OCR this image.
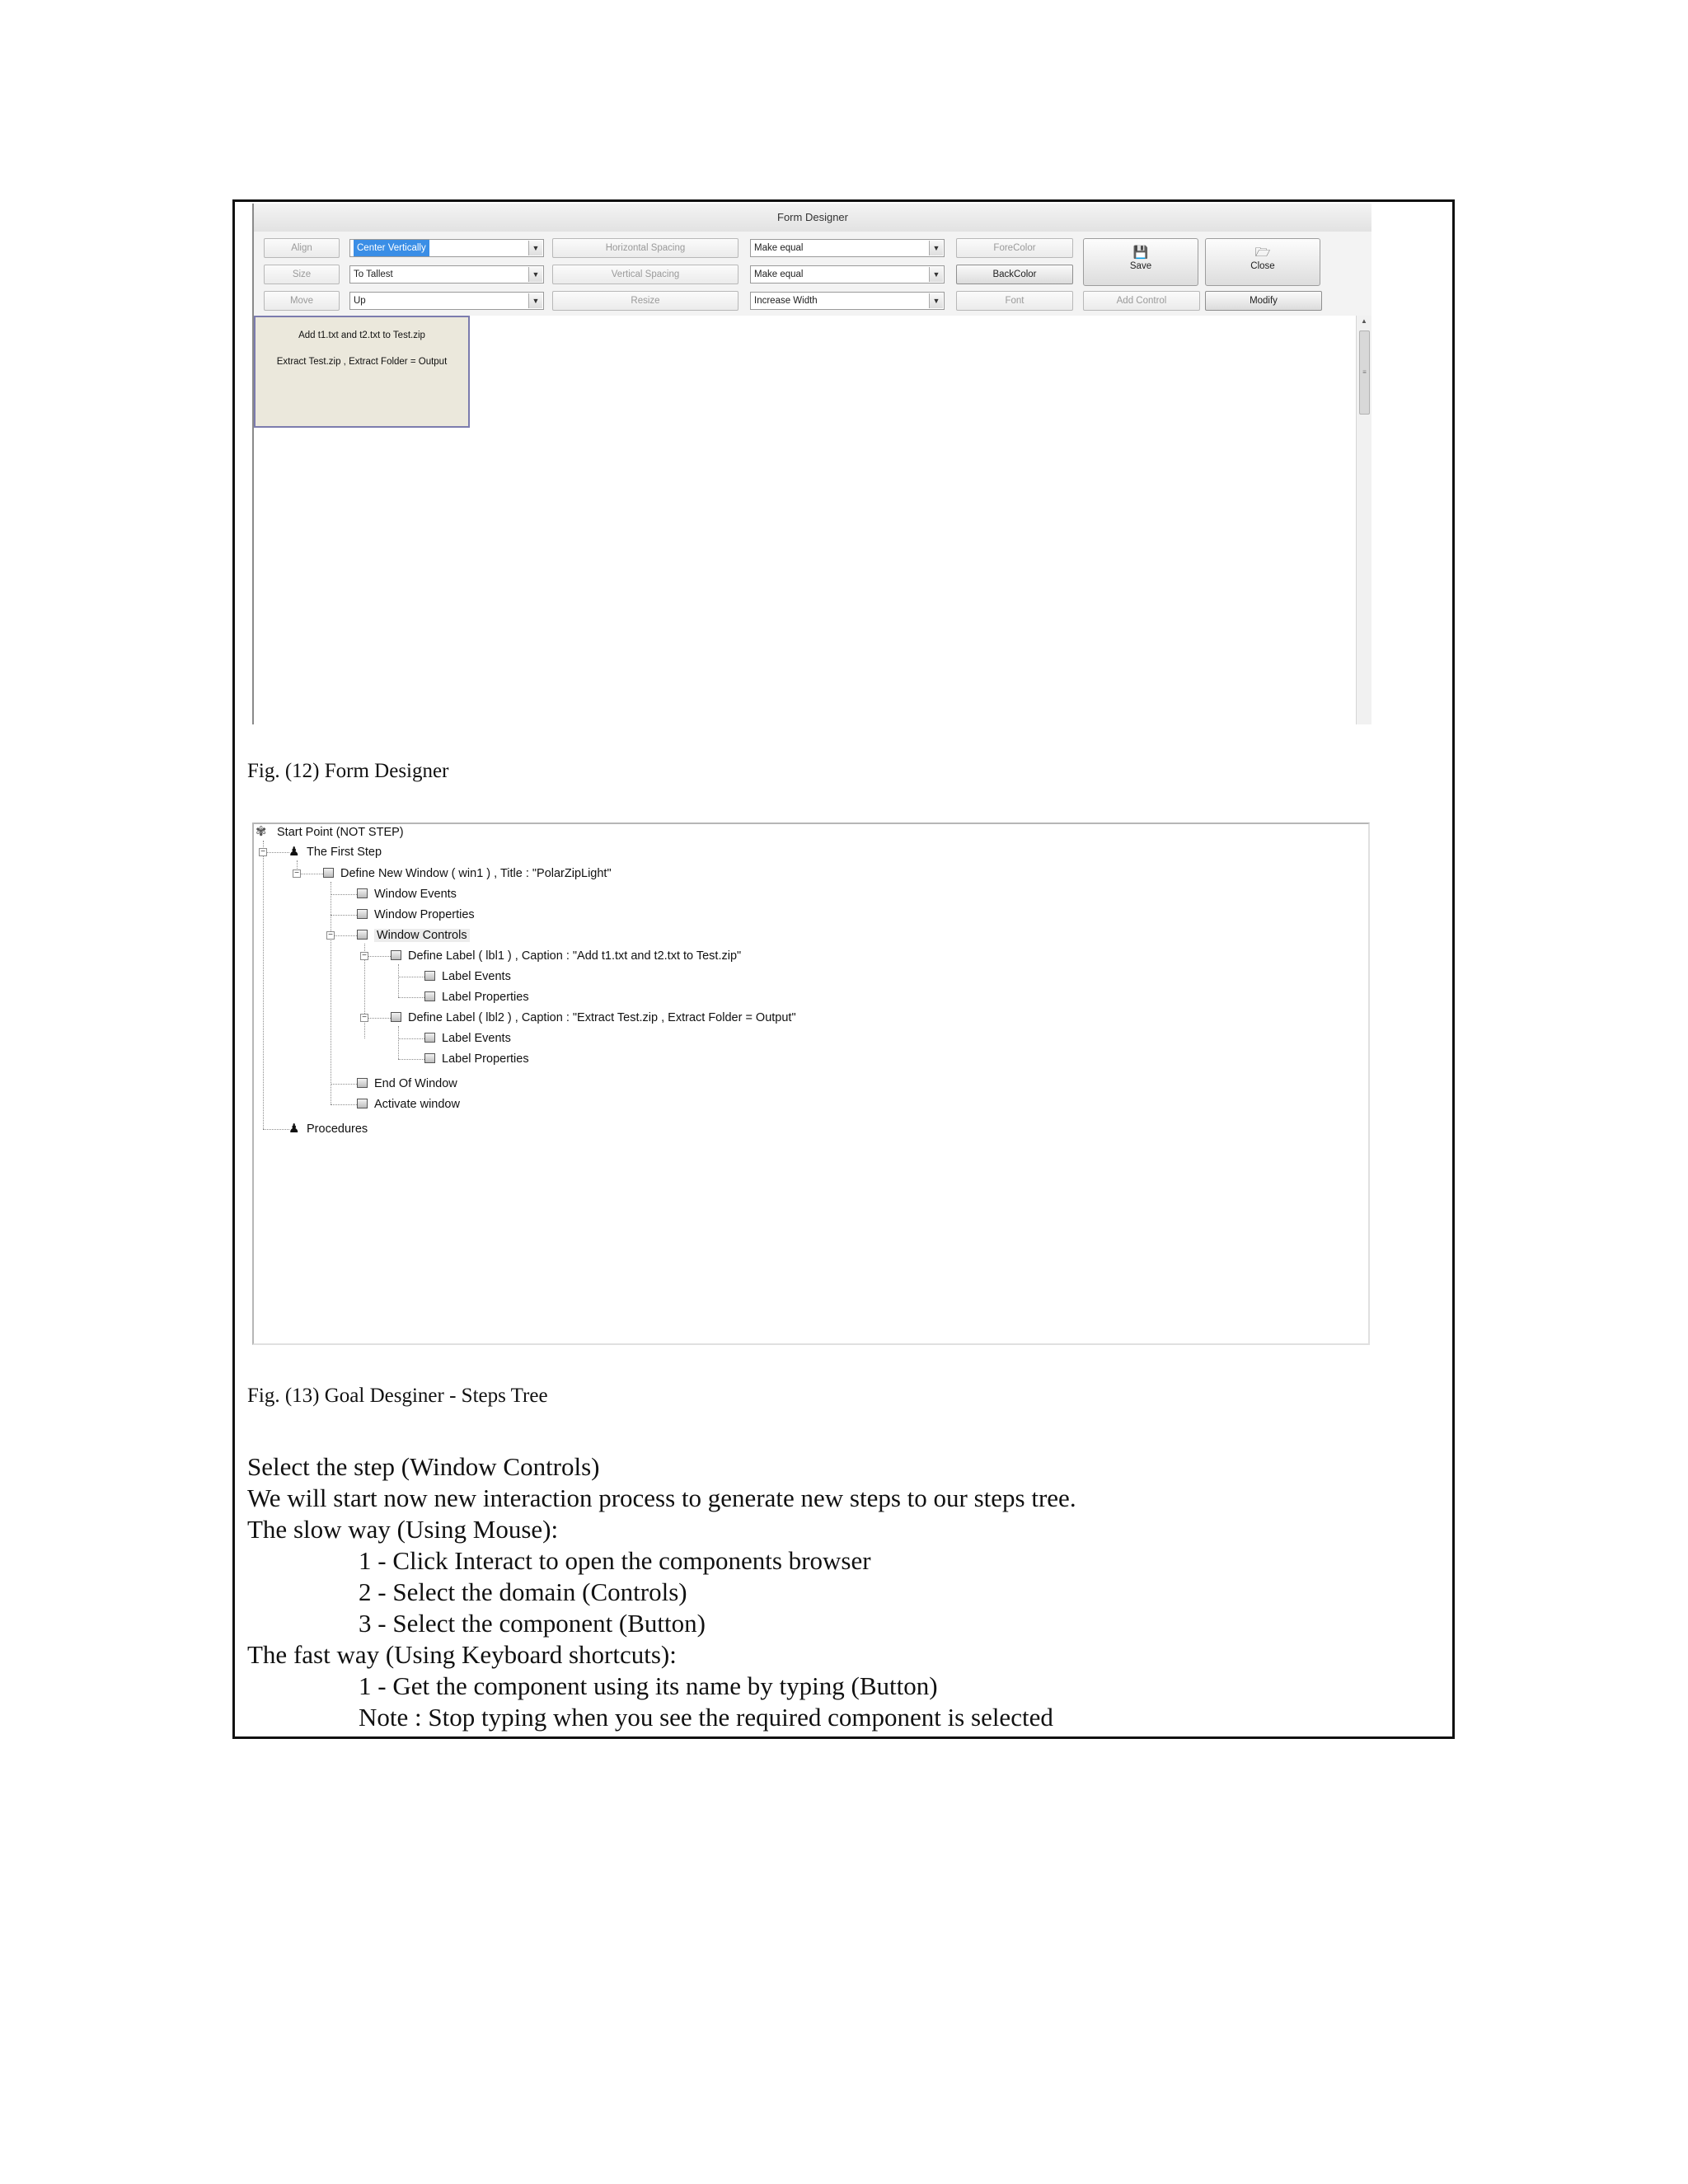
Form Designer
Align	Center Vertically	▼	Horizontal Spacing	Make equal	▼	ForeColor
Size	To Tallest	▼	Vertical Spacing	Make equal	▼	BackColor
Move	Up	▼	Resize	Increase Width	▼	Font	Add Control	Modify
💾
Save
🗁
Close
Add t1.txt and t2.txt to Test.zip
Extract Test.zip , Extract Folder = Output
▲
≡
Fig. (12) Form Designer
−
−
−
−
−
✾ Start Point (NOT STEP)
♟ The First Step
Define New Window ( win1 ) , Title : "PolarZipLight"
Window Events
Window Properties
Window Controls
Define Label ( lbl1 ) , Caption : "Add t1.txt and t2.txt to Test.zip"
Label Events
Label Properties
Define Label ( lbl2 ) , Caption : "Extract Test.zip , Extract Folder = Output"
Label Events
Label Properties
End Of Window
Activate window
♟ Procedures
Fig. (13) Goal Desginer - Steps Tree
Select the step (Window Controls)
We will start now new interaction process to generate new steps to our steps tree.
The slow way (Using Mouse):
1 - Click Interact to open the components browser
2 - Select the domain (Controls)
3 - Select the component (Button)
The fast way (Using Keyboard shortcuts):
1 - Get the component using its name by typing (Button)
Note : Stop typing when you see the required component is selected
